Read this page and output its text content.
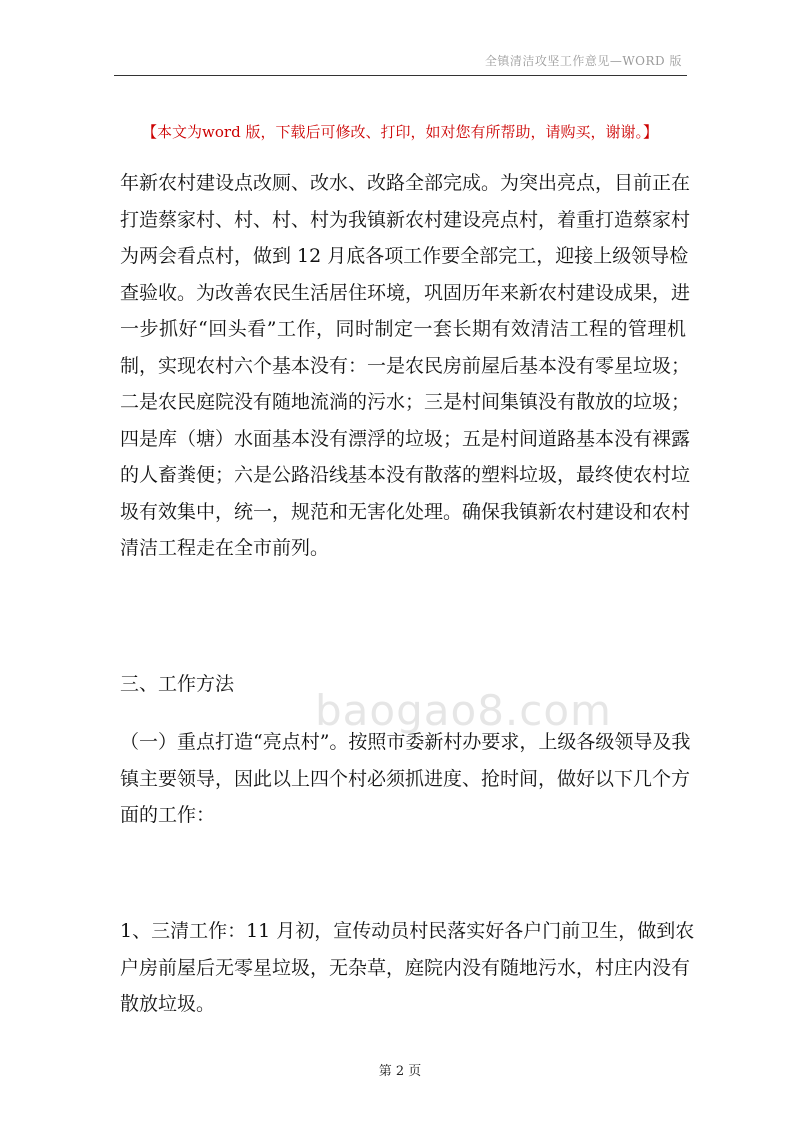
全镇清洁攻坚工作意见—WORD 版
【本文为word 版，下载后可修改、打印，如对您有所帮助，请购买，谢谢。】
baogao8.com
年新农村建设点改厕、改水、改路全部完成。为突出亮点，目前正在
打造蔡家村、村、村、村为我镇新农村建设亮点村，着重打造蔡家村
为两会看点村，做到 12 月底各项工作要全部完工，迎接上级领导检
查验收。为改善农民生活居住环境，巩固历年来新农村建设成果，进
一步抓好“回头看”工作，同时制定一套长期有效清洁工程的管理机
制，实现农村六个基本没有：一是农民房前屋后基本没有零星垃圾；
二是农民庭院没有随地流淌的污水；三是村间集镇没有散放的垃圾；
四是库（塘）水面基本没有漂浮的垃圾；五是村间道路基本没有裸露
的人畜粪便；六是公路沿线基本没有散落的塑料垃圾，最终使农村垃
圾有效集中，统一，规范和无害化处理。确保我镇新农村建设和农村
清洁工程走在全市前列。
三、工作方法
（一）重点打造“亮点村”。按照市委新村办要求，上级各级领导及我
镇主要领导，因此以上四个村必须抓进度、抢时间，做好以下几个方
面的工作：
1、三清工作：11 月初，宣传动员村民落实好各户门前卫生，做到农
户房前屋后无零星垃圾，无杂草，庭院内没有随地污水，村庄内没有
散放垃圾。
第 2 页
